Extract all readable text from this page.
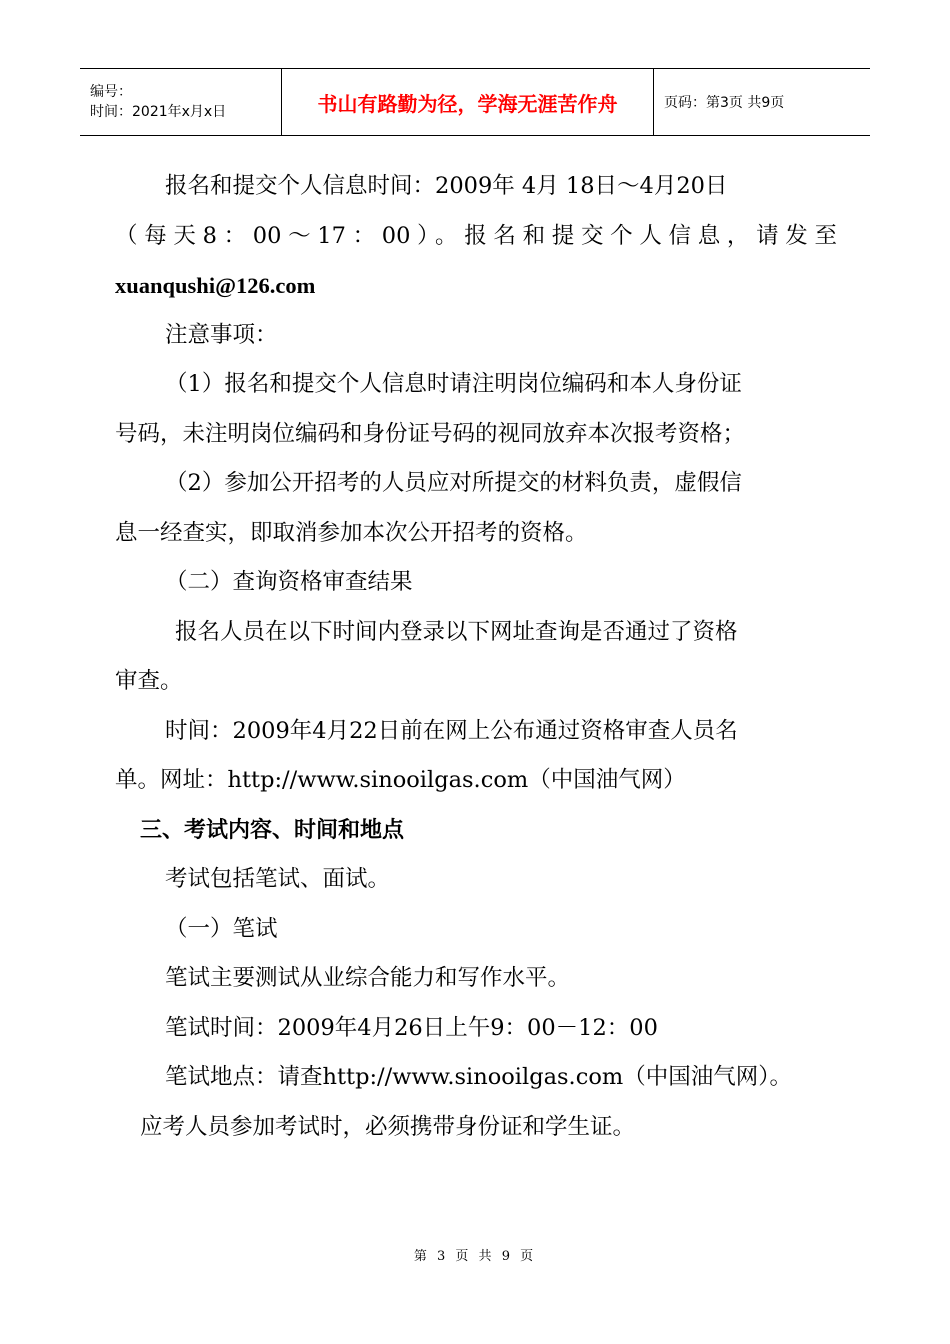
编号：
时间：2021年x月x日	书山有路勤为径，学海无涯苦作舟	页码：第3页 共9页

报名和提交个人信息时间：2009年 4月 18日～4月20日

（每天8：00～17：00）。报名和提交个人信息，请发至

xuanqushi@126.com

注意事项：

（1）报名和提交个人信息时请注明岗位编码和本人身份证

号码，未注明岗位编码和身份证号码的视同放弃本次报考资格；

（2）参加公开招考的人员应对所提交的材料负责，虚假信

息一经查实，即取消参加本次公开招考的资格。

（二）查询资格审查结果

报名人员在以下时间内登录以下网址查询是否通过了资格

审查。

时间：2009年4月22日前在网上公布通过资格审查人员名

单。网址：http://www.sinooilgas.com（中国油气网）

三、考试内容、时间和地点

考试包括笔试、面试。

（一）笔试

笔试主要测试从业综合能力和写作水平。

笔试时间：2009年4月26日上午9：00－12：00

笔试地点：请查http://www.sinooilgas.com（中国油气网）。

应考人员参加考试时，必须携带身份证和学生证。

第 3 页 共 9 页
